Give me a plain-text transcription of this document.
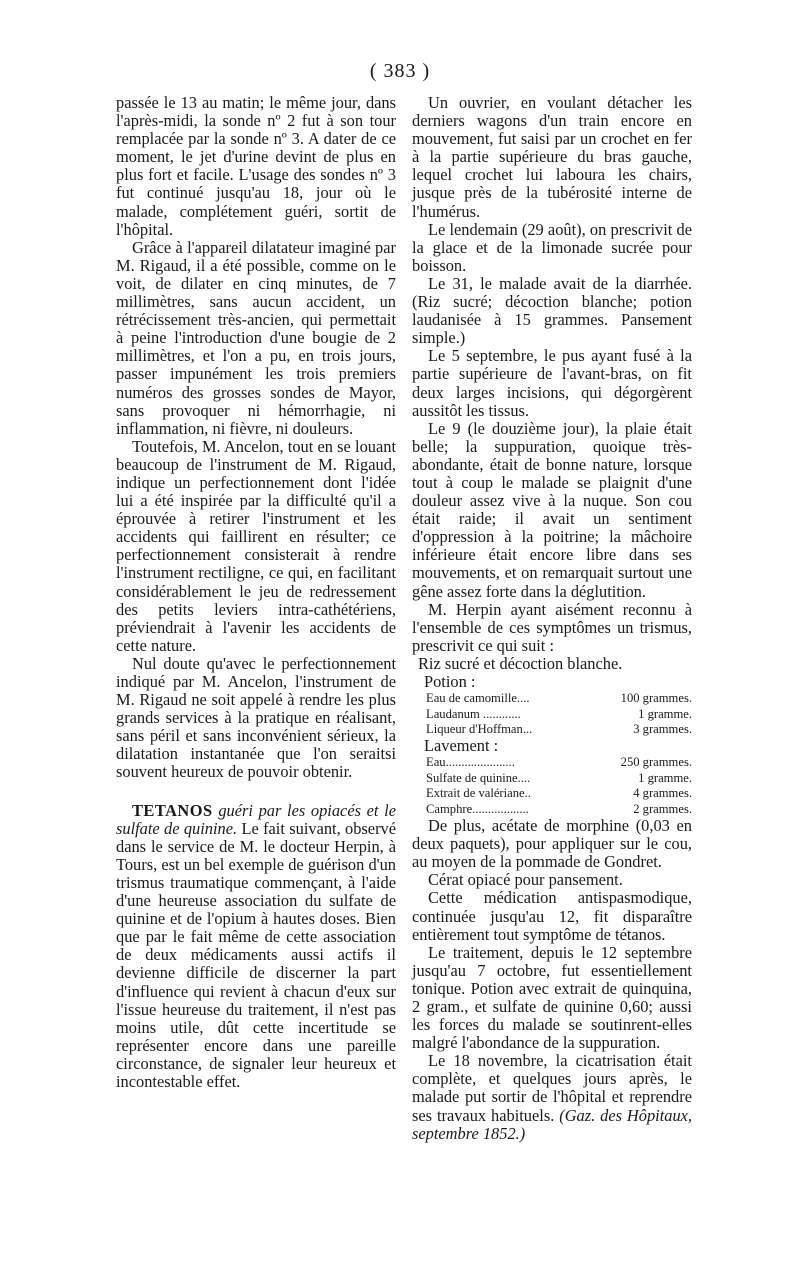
( 383 )

passée le 13 au matin; le même jour, dans l'après-midi, la sonde nº 2 fut à son tour remplacée par la sonde nº 3. A dater de ce moment, le jet d'urine devint de plus en plus fort et facile. L'usage des sondes nº 3 fut continué jusqu'au 18, jour où le malade, complétement guéri, sortit de l'hôpital.

Grâce à l'appareil dilatateur imaginé par M. Rigaud, il a été possible, comme on le voit, de dilater en cinq minutes, de 7 millimètres, sans aucun accident, un rétrécissement très-ancien, qui permettait à peine l'introduction d'une bougie de 2 millimètres, et l'on a pu, en trois jours, passer impunément les trois premiers numéros des grosses sondes de Mayor, sans provoquer ni hémorrhagie, ni inflammation, ni fièvre, ni douleurs.

Toutefois, M. Ancelon, tout en se louant beaucoup de l'instrument de M. Rigaud, indique un perfectionnement dont l'idée lui a été inspirée par la difficulté qu'il a éprouvée à retirer l'instrument et les accidents qui faillirent en résulter; ce perfectionnement consisterait à rendre l'instrument rectiligne, ce qui, en facilitant considérablement le jeu de redressement des petits leviers intra-cathétériens, préviendrait à l'avenir les accidents de cette nature.

Nul doute qu'avec le perfectionnement indiqué par M. Ancelon, l'instrument de M. Rigaud ne soit appelé à rendre les plus grands services à la pratique en réalisant, sans péril et sans inconvénient sérieux, la dilatation instantanée que l'on seraitsi souvent heureux de pouvoir obtenir.

TETANOS guéri par les opiacés et le sulfate de quinine. Le fait suivant, observé dans le service de M. le docteur Herpin, à Tours, est un bel exemple de guérison d'un trismus traumatique commençant, à l'aide d'une heureuse association du sulfate de quinine et de l'opium à hautes doses. Bien que par le fait même de cette association de deux médicaments aussi actifs il devienne difficile de discerner la part d'influence qui revient à chacun d'eux sur l'issue heureuse du traitement, il n'est pas moins utile, dût cette incertitude se représenter encore dans une pareille circonstance, de signaler leur heureux et incontestable effet.

Un ouvrier, en voulant détacher les derniers wagons d'un train encore en mouvement, fut saisi par un crochet en fer à la partie supérieure du bras gauche, lequel crochet lui laboura les chairs, jusque près de la tubérosité interne de l'humérus.

Le lendemain (29 août), on prescrivit de la glace et de la limonade sucrée pour boisson.

Le 31, le malade avait de la diarrhée. (Riz sucré; décoction blanche; potion laudanisée à 15 grammes. Pansement simple.)

Le 5 septembre, le pus ayant fusé à la partie supérieure de l'avant-bras, on fit deux larges incisions, qui dégorgèrent aussitôt les tissus.

Le 9 (le douzième jour), la plaie était belle; la suppuration, quoique très-abondante, était de bonne nature, lorsque tout à coup le malade se plaignit d'une douleur assez vive à la nuque. Son cou était raide; il avait un sentiment d'oppression à la poitrine; la mâchoire inférieure était encore libre dans ses mouvements, et on remarquait surtout une gêne assez forte dans la déglutition.

M. Herpin ayant aisément reconnu à l'ensemble de ces symptômes un trismus, prescrivit ce qui suit :

Riz sucré et décoction blanche.

Potion :

Eau de camomille....	100 grammes.
Laudanum ............	1 gramme.
Liqueur d'Hoffman...	3 grammes.

Lavement :

Eau......................	250 grammes.
Sulfate de quinine....	1 gramme.
Extrait de valériane..	4 grammes.
Camphre..................	2 grammes.

De plus, acétate de morphine (0,03 en deux paquets), pour appliquer sur le cou, au moyen de la pommade de Gondret.

Cérat opiacé pour pansement.

Cette médication antispasmodique, continuée jusqu'au 12, fit disparaître entièrement tout symptôme de tétanos.

Le traitement, depuis le 12 septembre jusqu'au 7 octobre, fut essentiellement tonique. Potion avec extrait de quinquina, 2 gram., et sulfate de quinine 0,60; aussi les forces du malade se soutinrent-elles malgré l'abondance de la suppuration.

Le 18 novembre, la cicatrisation était complète, et quelques jours après, le malade put sortir de l'hôpital et reprendre ses travaux habituels. (Gaz. des Hôpitaux, septembre 1852.)
